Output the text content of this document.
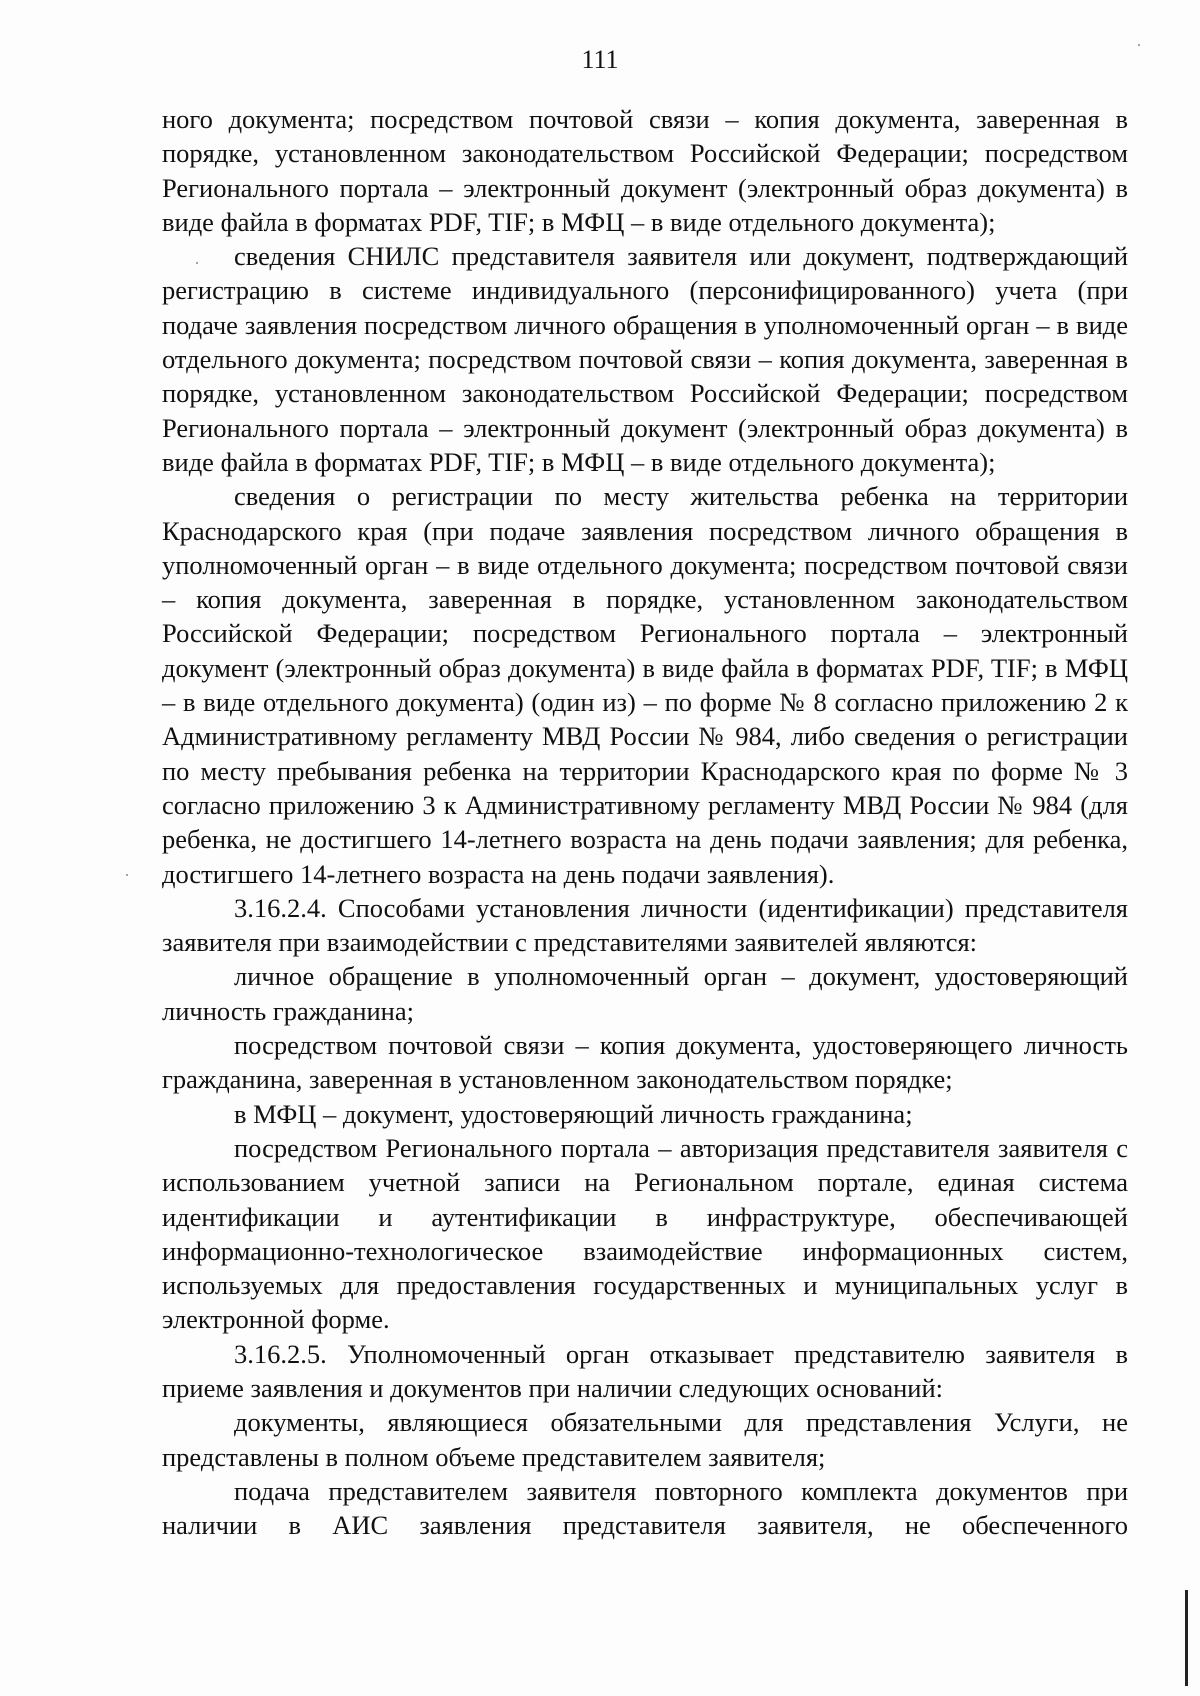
111

ного документа; посредством почтовой связи – копия документа, заверенная в порядке, установленном законодательством Российской Федерации; посредством Регионального портала – электронный документ (электронный образ документа) в виде файла в форматах PDF, TIF; в МФЦ – в виде отдельного документа);

сведения СНИЛС представителя заявителя или документ, подтверждающий регистрацию в системе индивидуального (персонифицированного) учета (при подаче заявления посредством личного обращения в уполномоченный орган – в виде отдельного документа; посредством почтовой связи – копия документа, заверенная в порядке, установленном законодательством Российской Федерации; посредством Регионального портала – электронный документ (электронный образ документа) в виде файла в форматах PDF, TIF; в МФЦ – в виде отдельного документа);

сведения о регистрации по месту жительства ребенка на территории Краснодарского края (при подаче заявления посредством личного обращения в уполномоченный орган – в виде отдельного документа; посредством почтовой связи – копия документа, заверенная в порядке, установленном законодательством Российской Федерации; посредством Регионального портала – электронный документ (электронный образ документа) в виде файла в форматах PDF, TIF; в МФЦ – в виде отдельного документа) (один из) – по форме № 8 согласно приложению 2 к Административному регламенту МВД России № 984, либо сведения о регистрации по месту пребывания ребенка на территории Краснодарского края по форме № 3 согласно приложению 3 к Административному регламенту МВД России № 984 (для ребенка, не достигшего 14-летнего возраста на день подачи заявления; для ребенка, достигшего 14-летнего возраста на день подачи заявления).

3.16.2.4. Способами установления личности (идентификации) представителя заявителя при взаимодействии с представителями заявителей являются:

личное обращение в уполномоченный орган – документ, удостоверяющий личность гражданина;

посредством почтовой связи – копия документа, удостоверяющего личность гражданина, заверенная в установленном законодательством порядке;

в МФЦ – документ, удостоверяющий личность гражданина;

посредством Регионального портала – авторизация представителя заявителя с использованием учетной записи на Региональном портале, единая система идентификации и аутентификации в инфраструктуре, обеспечивающей информационно-технологическое взаимодействие информационных систем, используемых для предоставления государственных и муниципальных услуг в электронной форме.

3.16.2.5. Уполномоченный орган отказывает представителю заявителя в приеме заявления и документов при наличии следующих оснований:

документы, являющиеся обязательными для представления Услуги, не представлены в полном объеме представителем заявителя;

подача представителем заявителя повторного комплекта документов при наличии в АИС заявления представителя заявителя, не обеспеченного
